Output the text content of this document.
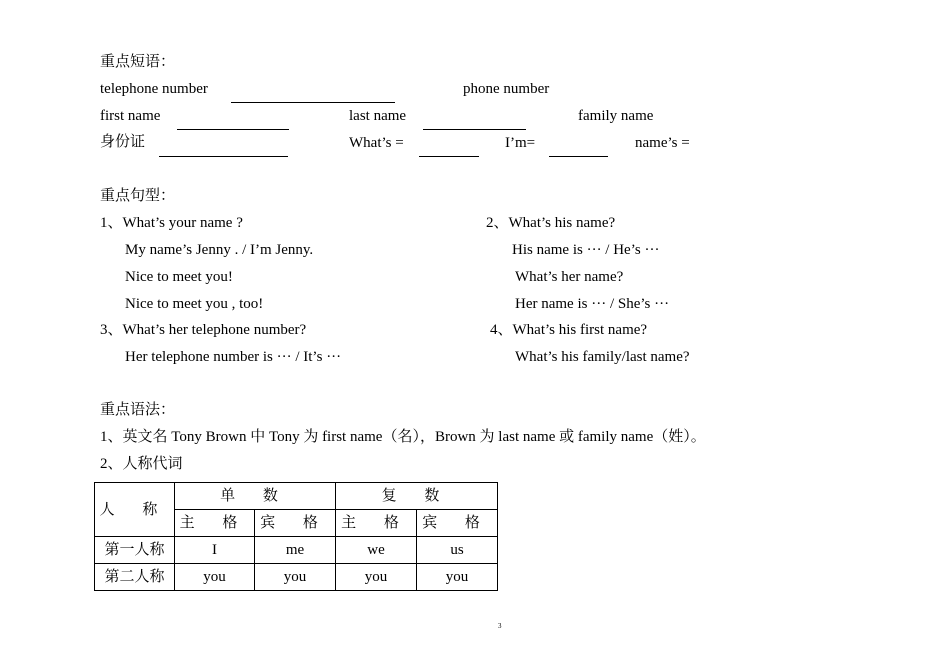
重点短语：
telephone number	phone number
first name	last name	family name
身份证	What’s =	I’m=	name’s =
重点句型：
1、What’s your name ?
My name’s Jenny . / I’m Jenny.
Nice to meet you!
Nice to meet you , too!
2、What’s his name?
His name is ··· / He’s ···
What’s her name?
Her name is ··· / She’s ···
3、What’s her telephone number?
Her telephone number is ··· / It’s ···
4、What’s his first name?
What’s his family/last name?
重点语法：
1、英文名 Tony Brown 中 Tony 为 first name（名），Brown 为 last name 或 family name（姓）。
2、人称代词
人 称	单 数		复 数	
	主 格	宾 格	主 格	宾 格
第一人称	I	me	we	us
第二人称	you	you	you	you
3
